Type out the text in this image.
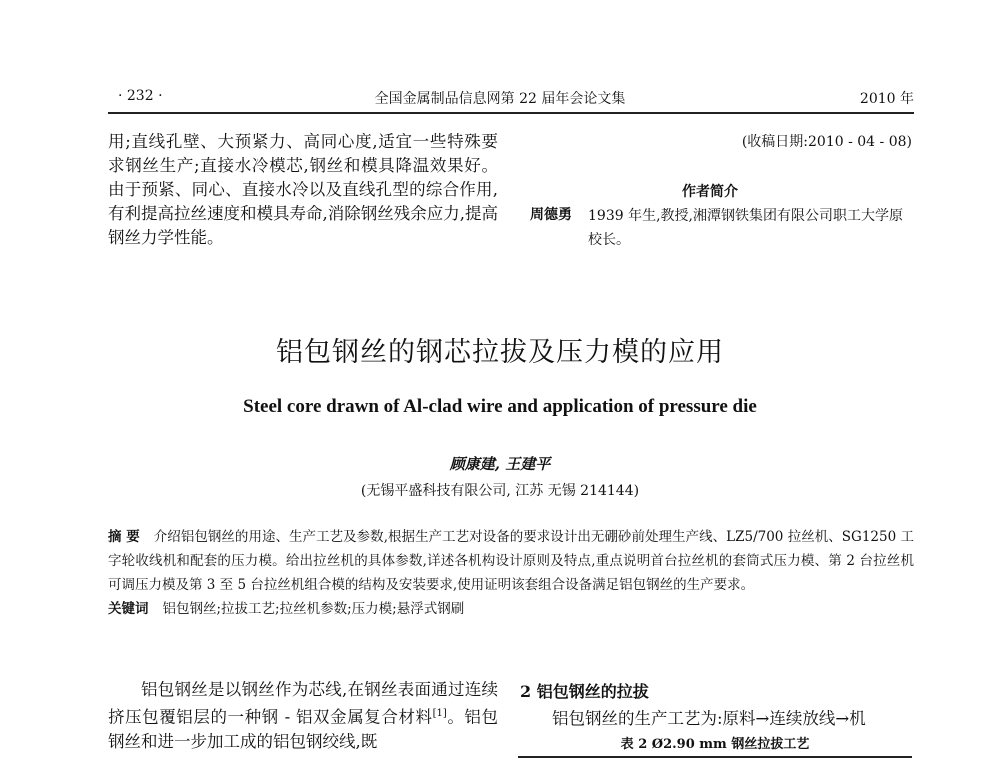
· 232 ·	全国金属制品信息网第 22 届年会论文集	2010 年
用;直线孔壁、大预紧力、高同心度,适宜一些特殊要求钢丝生产;直接水冷模芯,钢丝和模具降温效果好。由于预紧、同心、直接水冷以及直线孔型的综合作用,有利提高拉丝速度和模具寿命,消除钢丝残余应力,提高钢丝力学性能。
(收稿日期:2010 - 04 - 08)
作者简介
周德勇 1939 年生,教授,湘潭钢铁集团有限公司职工大学原校长。
铝包钢丝的钢芯拉拔及压力模的应用
Steel core drawn of Al-clad wire and application of pressure die
顾康建, 王建平
(无锡平盛科技有限公司, 江苏 无锡 214144)
摘 要 介绍铝包钢丝的用途、生产工艺及参数,根据生产工艺对设备的要求设计出无硼砂前处理生产线、LZ5/700 拉丝机、SG1250 工字轮收线机和配套的压力模。给出拉丝机的具体参数,详述各机构设计原则及特点,重点说明首台拉丝机的套筒式压力模、第 2 台拉丝机可调压力模及第 3 至 5 台拉丝机组合模的结构及安装要求,使用证明该套组合设备满足铝包钢丝的生产要求。
关键词 铝包钢丝;拉拔工艺;拉丝机参数;压力模;悬浮式钢刷
铝包钢丝是以钢丝作为芯线,在钢丝表面通过连续挤压包覆铝层的一种钢 - 铝双金属复合材料[1]。铝包钢丝和进一步加工成的铝包钢绞线,既
2 铝包钢丝的拉拔
铝包钢丝的生产工艺为:原料→连续放线→机
表 2 Ø2.90 mm 钢丝拉拔工艺
